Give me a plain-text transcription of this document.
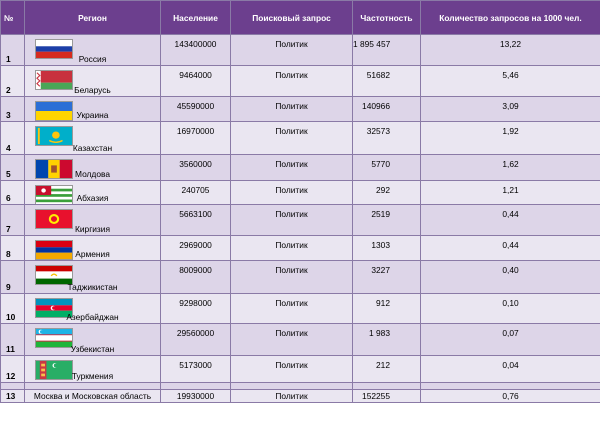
№	Регион	Население	Поисковый запрос	Частотность	Количество запросов на 1000 чел.
1	Россия	143400000	Политик	1 895 457	13,22
2	Беларусь	9464000	Политик	51682	5,46
3	Украина	45590000	Политик	140966	3,09
4	Казахстан	16970000	Политик	32573	1,92
5	Молдова	3560000	Политик	5770	1,62
6	Абхазия	240705	Политик	292	1,21
7	Киргизия	5663100	Политик	2519	0,44
8	Армения	2969000	Политик	1303	0,44
9	Таджикистан	8009000	Политик	3227	0,40
10	Азербайджан	9298000	Политик	912	0,10
11	Узбекистан	29560000	Политик	1 983	0,07
12	Туркмения	5173000	Политик	212	0,04

13	Москва и Московская область	19930000	Политик	152255	0,76
